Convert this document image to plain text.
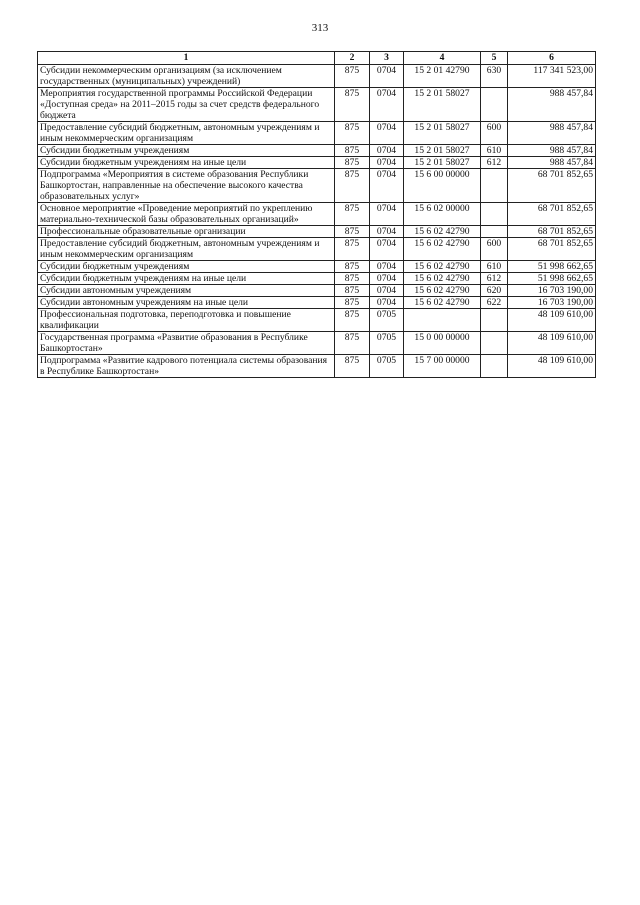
313
1	2	3	4	5	6
Субсидии некоммерческим организациям (за исключением государственных (муниципальных) учреждений)	875	0704	15 2 01 42790	630	117 341 523,00
Мероприятия государственной программы Российской Федерации «Доступная среда» на 2011–2015 годы за счет средств федерального бюджета	875	0704	15 2 01 58027		988 457,84
Предоставление субсидий бюджетным, автономным учреждениям и иным некоммерческим организациям	875	0704	15 2 01 58027	600	988 457,84
Субсидии бюджетным учреждениям	875	0704	15 2 01 58027	610	988 457,84
Субсидии бюджетным учреждениям на иные цели	875	0704	15 2 01 58027	612	988 457,84
Подпрограмма «Мероприятия в системе образования Республики Башкортостан, направленные на обеспечение высокого качества образовательных услуг»	875	0704	15 6 00 00000		68 701 852,65
Основное мероприятие «Проведение мероприятий по укреплению материально-технической базы образовательных организаций»	875	0704	15 6 02 00000		68 701 852,65
Профессиональные образовательные организации	875	0704	15 6 02 42790		68 701 852,65
Предоставление субсидий бюджетным, автономным учреждениям и иным некоммерческим организациям	875	0704	15 6 02 42790	600	68 701 852,65
Субсидии бюджетным учреждениям	875	0704	15 6 02 42790	610	51 998 662,65
Субсидии бюджетным учреждениям на иные цели	875	0704	15 6 02 42790	612	51 998 662,65
Субсидии автономным учреждениям	875	0704	15 6 02 42790	620	16 703 190,00
Субсидии автономным учреждениям на иные цели	875	0704	15 6 02 42790	622	16 703 190,00
Профессиональная подготовка, переподготовка и повышение квалификации	875	0705			48 109 610,00
Государственная программа «Развитие образования в Республике Башкортостан»	875	0705	15 0 00 00000		48 109 610,00
Подпрограмма «Развитие кадрового потенциала системы образования в Республике Башкортостан»	875	0705	15 7 00 00000		48 109 610,00
